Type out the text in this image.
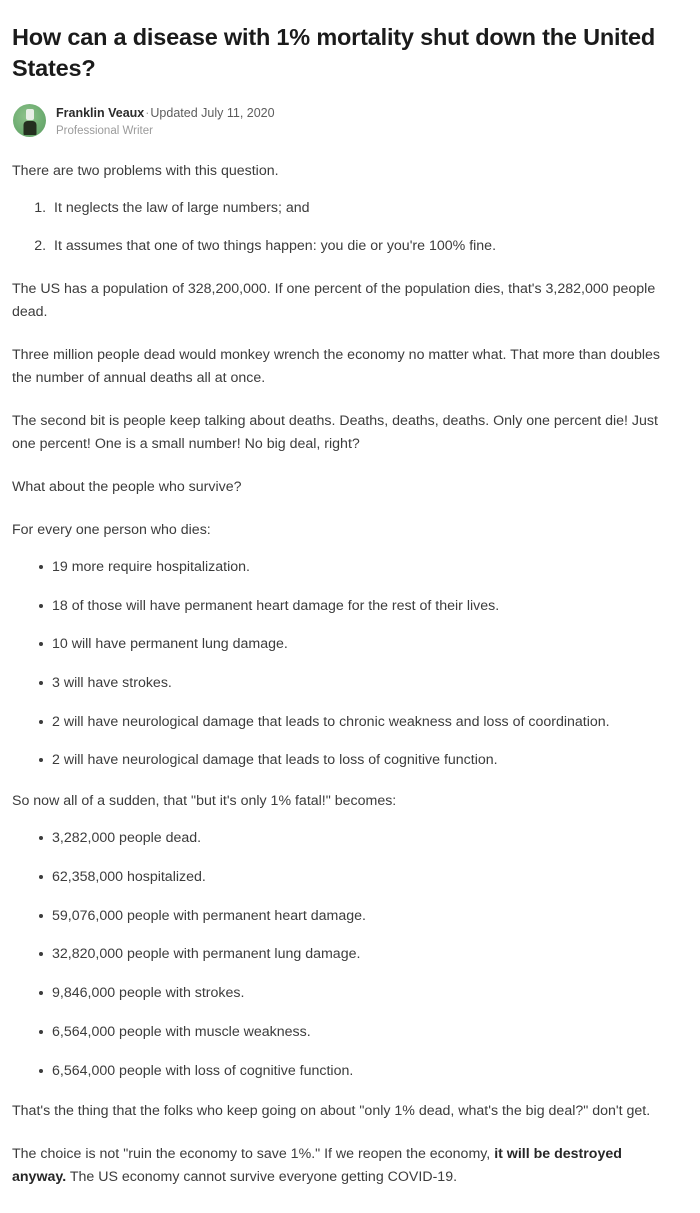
How can a disease with 1% mortality shut down the United States?
Franklin Veaux·Updated July 11, 2020
Professional Writer

There are two problems with this question.

1. It neglects the law of large numbers; and
2. It assumes that one of two things happen: you die or you're 100% fine.

The US has a population of 328,200,000. If one percent of the population dies, that's 3,282,000 people dead.

Three million people dead would monkey wrench the economy no matter what. That more than doubles the number of annual deaths all at once.

The second bit is people keep talking about deaths. Deaths, deaths, deaths. Only one percent die! Just one percent! One is a small number! No big deal, right?

What about the people who survive?

For every one person who dies:

19 more require hospitalization.
18 of those will have permanent heart damage for the rest of their lives.
10 will have permanent lung damage.
3 will have strokes.
2 will have neurological damage that leads to chronic weakness and loss of coordination.
2 will have neurological damage that leads to loss of cognitive function.

So now all of a sudden, that "but it's only 1% fatal!" becomes:

3,282,000 people dead.
62,358,000 hospitalized.
59,076,000 people with permanent heart damage.
32,820,000 people with permanent lung damage.
9,846,000 people with strokes.
6,564,000 people with muscle weakness.
6,564,000 people with loss of cognitive function.

That's the thing that the folks who keep going on about "only 1% dead, what's the big deal?" don't get.

The choice is not "ruin the economy to save 1%." If we reopen the economy, it will be destroyed anyway. The US economy cannot survive everyone getting COVID-19.
